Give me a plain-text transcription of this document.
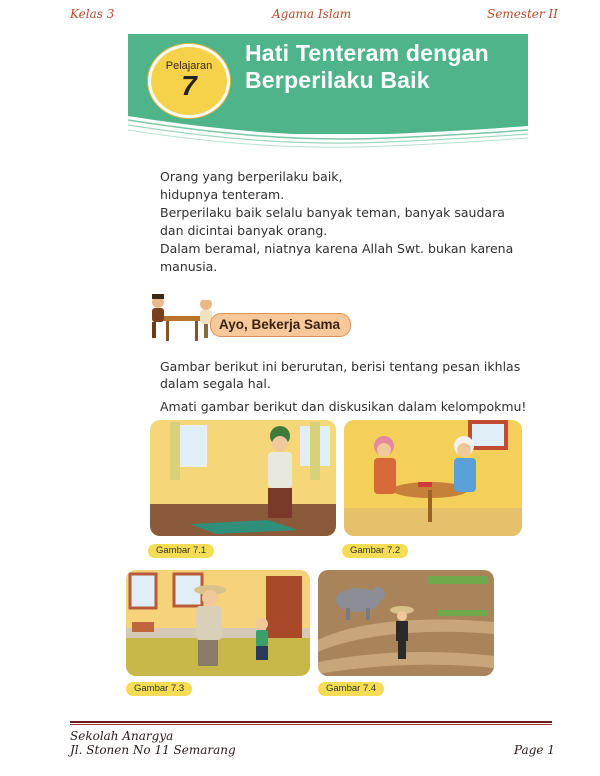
Kelas 3	Agama Islam	Semester II
Pelajaran
7
Hati Tenteram dengan
Berperilaku Baik

Orang yang berperilaku baik,

hidupnya tenteram.

Berperilaku baik selalu banyak teman, banyak saudara dan dicintai banyak orang.

Dalam beramal, niatnya karena Allah Swt. bukan karena manusia.

Ayo, Bekerja Sama

Gambar berikut ini berurutan, berisi tentang pesan ikhlas dalam segala hal.

Amati gambar berikut dan diskusikan dalam kelompokmu!

Gambar 7.1	Gambar 7.2
Gambar 7.3	Gambar 7.4
Sekolah Anargya
Jl. Stonen No 11 Semarang	Page 1
